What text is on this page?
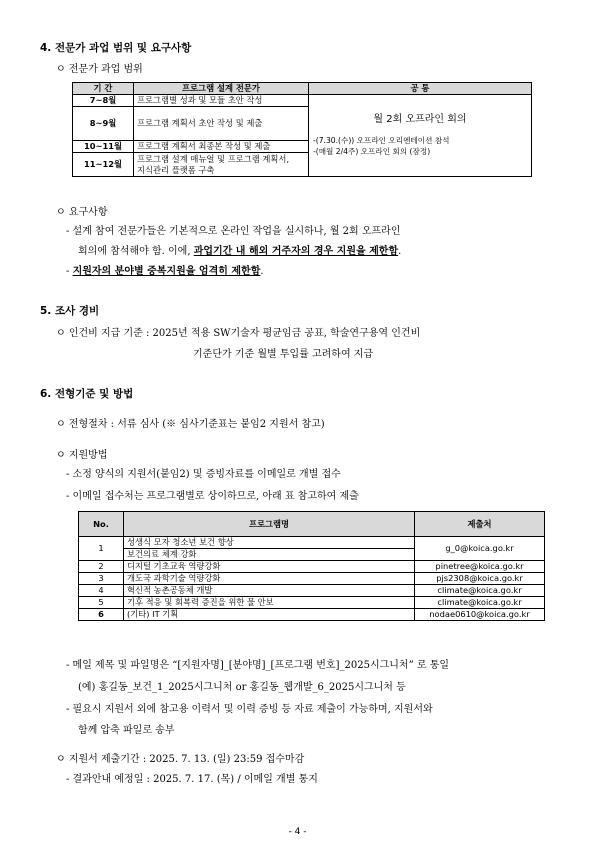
4. 전문가 과업 범위 및 요구사항
ㅇ 전문가 과업 범위
기 간	프로그램 설계 전문가	공 통
7~8월	프로그램별 성과 및 모듈 초안 작성	월 2회 오프라인 회의
-(7.30.(수)) 오프라인 오리엔테이션 참석
-(매월 2/4주) 오프라인 회의 (잠정)

8~9월	프로그램 계획서 초안 작성 및 제출	
10~11월	프로그램 계획서 최종본 작성 및 제출	
11~12월	프로그램 설계 매뉴얼 및 프로그램 계획서,
지식관리 플랫폼 구축	
ㅇ 요구사항
- 설계 참여 전문가들은 기본적으로 온라인 작업을 실시하나, 월 2회 오프라인
회의에 참석해야 함. 이에, 과업기간 내 해외 거주자의 경우 지원을 제한함.
- 지원자의 분야별 중복지원을 엄격히 제한함.
5. 조사 경비
ㅇ 인건비 지급 기준 : 2025년 적용 SW기술자 평균임금 공표, 학술연구용역 인건비
기준단가 기준 월별 투입률 고려하여 지급
6. 전형기준 및 방법
ㅇ 전형절차 : 서류 심사 (※ 심사기준표는 붙임2 지원서 참고)
ㅇ 지원방법
- 소정 양식의 지원서(붙임2) 및 증빙자료를 이메일로 개별 접수
- 이메일 접수처는 프로그램별로 상이하므로, 아래 표 참고하여 제출
No.	프로그램명	제출처
1	성생식 모자 청소년 보건 향상	g_0@koica.go.kr
	보건의료 체계 강화	
2	디지털 기초교육 역량강화	pinetree@koica.go.kr
3	개도국 과학기술 역량강화	pjs2308@koica.go.kr
4	혁신적 농촌공동체 개발	climate@koica.go.kr
5	기후 적응 및 회복력 증진을 위한 물 안보	climate@koica.go.kr
6	(기타) IT 기획	nodae0610@koica.go.kr
- 메일 제목 및 파일명은 “[지원자명]_[분야명]_[프로그램 번호]_2025시그니처” 로 통일
(예) 홍길동_보건_1_2025시그니처 or 홍길동_웹개발_6_2025시그니처 등
- 필요시 지원서 외에 참고용 이력서 및 이력 증빙 등 자료 제출이 가능하며, 지원서와
함께 압축 파일로 송부
ㅇ 지원서 제출기간 : 2025. 7. 13. (일) 23:59 접수마감
- 결과안내 예정일 : 2025. 7. 17. (목) / 이메일 개별 통지
- 4 -
